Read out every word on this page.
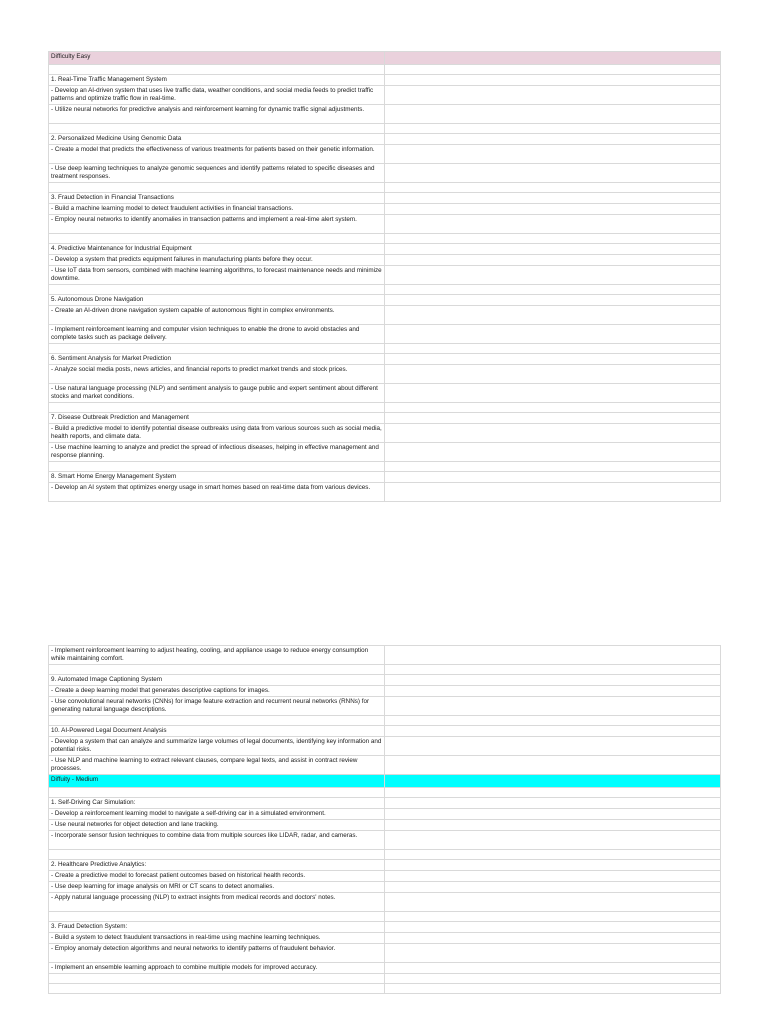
Difficulty Easy	

1. Real-Time Traffic Management System	
- Develop an AI-driven system that uses live traffic data, weather conditions, and social media feeds to predict traffic patterns and optimize traffic flow in real-time.	
- Utilize neural networks for predictive analysis and reinforcement learning for dynamic traffic signal adjustments.	

2. Personalized Medicine Using Genomic Data	
- Create a model that predicts the effectiveness of various treatments for patients based on their genetic information.	
- Use deep learning techniques to analyze genomic sequences and identify patterns related to specific diseases and treatment responses.	

3. Fraud Detection in Financial Transactions	
- Build a machine learning model to detect fraudulent activities in financial transactions.	
- Employ neural networks to identify anomalies in transaction patterns and implement a real-time alert system.	

4. Predictive Maintenance for Industrial Equipment	
- Develop a system that predicts equipment failures in manufacturing plants before they occur.	
- Use IoT data from sensors, combined with machine learning algorithms, to forecast maintenance needs and minimize downtime.	

5. Autonomous Drone Navigation	
- Create an AI-driven drone navigation system capable of autonomous flight in complex environments.	
- Implement reinforcement learning and computer vision techniques to enable the drone to avoid obstacles and complete tasks such as package delivery.	

6. Sentiment Analysis for Market Prediction	
- Analyze social media posts, news articles, and financial reports to predict market trends and stock prices.	
- Use natural language processing (NLP) and sentiment analysis to gauge public and expert sentiment about different stocks and market conditions.	

7. Disease Outbreak Prediction and Management	
- Build a predictive model to identify potential disease outbreaks using data from various sources such as social media, health reports, and climate data.	
- Use machine learning to analyze and predict the spread of infectious diseases, helping in effective management and response planning.	

8. Smart Home Energy Management System	
- Develop an AI system that optimizes energy usage in smart homes based on real-time data from various devices.	
- Implement reinforcement learning to adjust heating, cooling, and appliance usage to reduce energy consumption while maintaining comfort.	

9. Automated Image Captioning System	
- Create a deep learning model that generates descriptive captions for images.	
- Use convolutional neural networks (CNNs) for image feature extraction and recurrent neural networks (RNNs) for generating natural language descriptions.	

10. AI-Powered Legal Document Analysis	
- Develop a system that can analyze and summarize large volumes of legal documents, identifying key information and potential risks.	
- Use NLP and machine learning to extract relevant clauses, compare legal texts, and assist in contract review processes.	
Diffuity - Medium	

1. Self-Driving Car Simulation:	
- Develop a reinforcement learning model to navigate a self-driving car in a simulated environment.	
- Use neural networks for object detection and lane tracking.	
- Incorporate sensor fusion techniques to combine data from multiple sources like LIDAR, radar, and cameras.	

2. Healthcare Predictive Analytics:	
- Create a predictive model to forecast patient outcomes based on historical health records.	
- Use deep learning for image analysis on MRI or CT scans to detect anomalies.	
- Apply natural language processing (NLP) to extract insights from medical records and doctors' notes.	

3. Fraud Detection System:	
- Build a system to detect fraudulent transactions in real-time using machine learning techniques.	
- Employ anomaly detection algorithms and neural networks to identify patterns of fraudulent behavior.	
- Implement an ensemble learning approach to combine multiple models for improved accuracy.	
